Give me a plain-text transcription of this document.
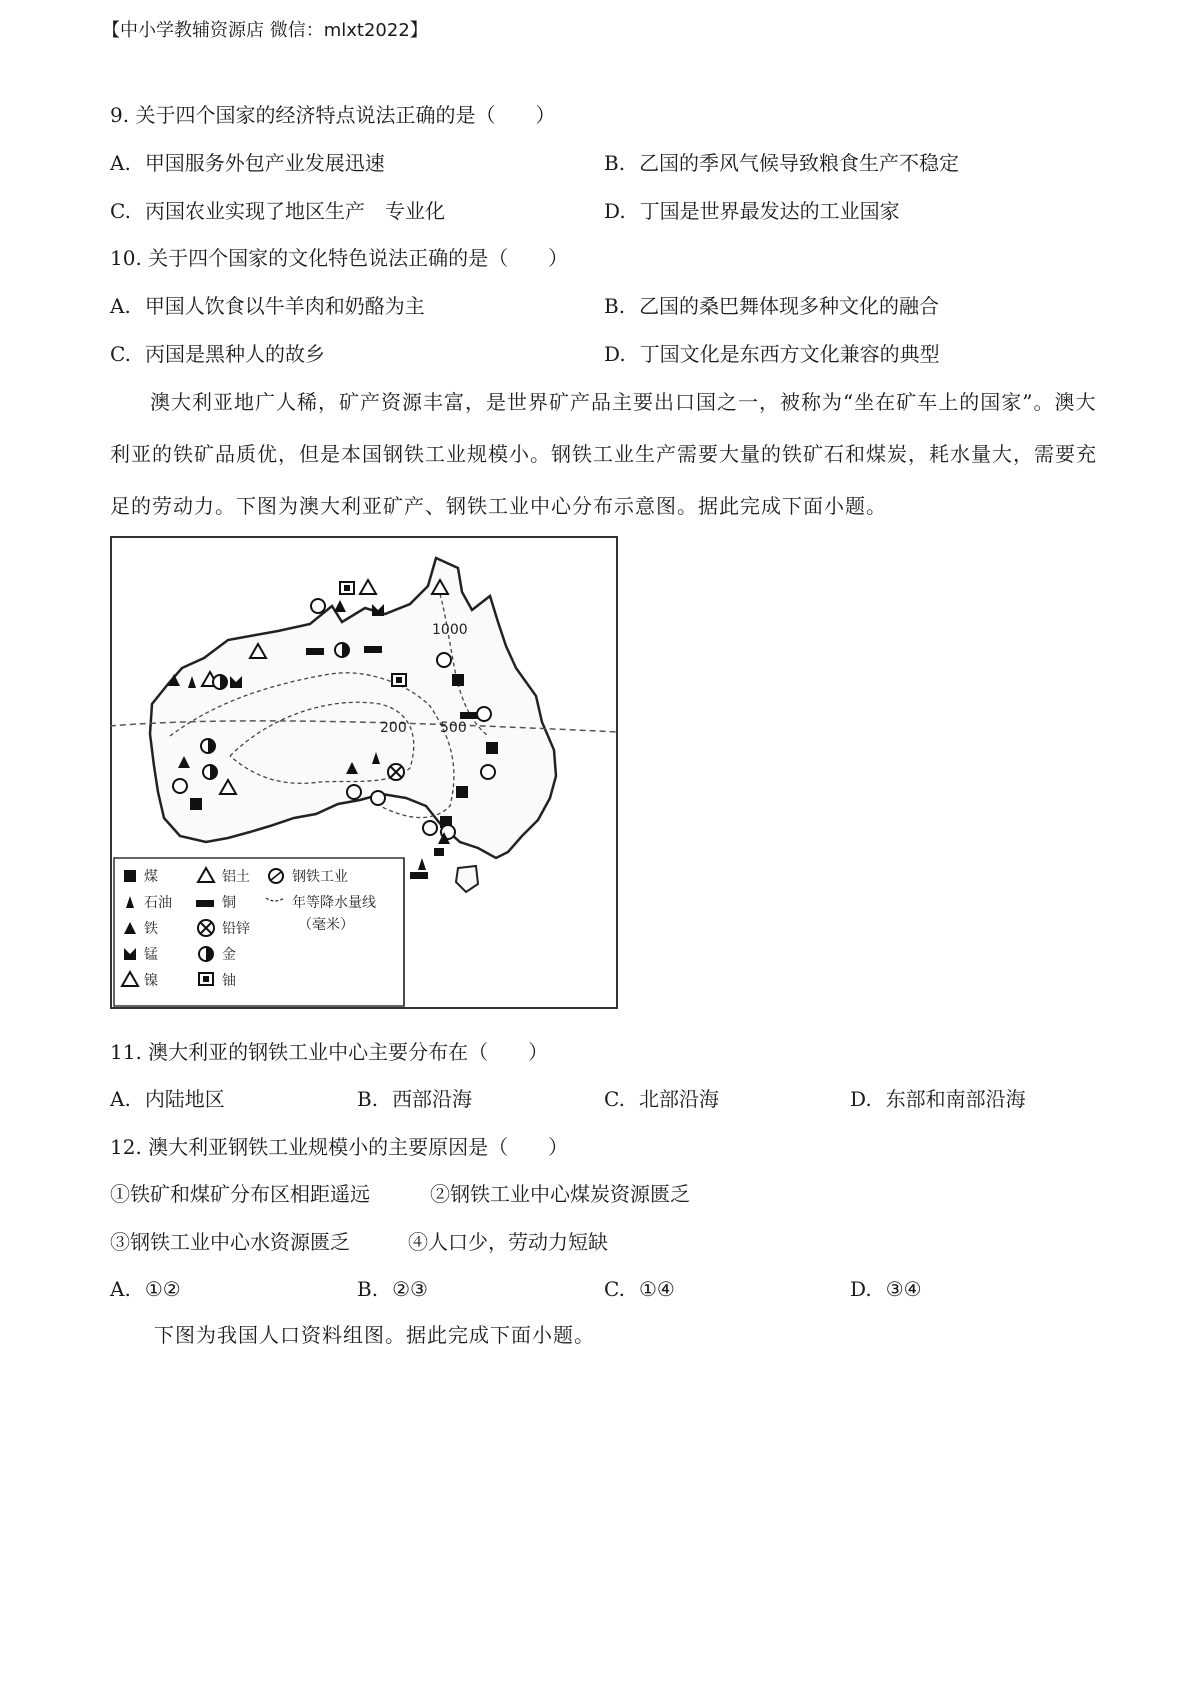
【中小学教辅资源店 微信：mlxt2022】
9. 关于四个国家的经济特点说法正确的是（　　）
A. 甲国服务外包产业发展迅速	B. 乙国的季风气候导致粮食生产不稳定
C. 丙国农业实现了地区生产　专业化	D. 丁国是世界最发达的工业国家
10. 关于四个国家的文化特色说法正确的是（　　）
A. 甲国人饮食以牛羊肉和奶酪为主	B. 乙国的桑巴舞体现多种文化的融合
C. 丙国是黑种人的故乡	D. 丁国文化是东西方文化兼容的典型
澳大利亚地广人稀，矿产资源丰富，是世界矿产品主要出口国之一，被称为“坐在矿车上的国家”。澳大利亚的铁矿品质优，但是本国钢铁工业规模小。钢铁工业生产需要大量的铁矿石和煤炭，耗水量大，需要充足的劳动力。下图为澳大利亚矿产、钢铁工业中心分布示意图。据此完成下面小题。
1000
200 500
煤
石油
铁
锰
镍
铝土
铜
铅锌
金
铀
钢铁工业
年等降水量线
（毫米）
11. 澳大利亚的钢铁工业中心主要分布在（　　）
A. 内陆地区	B. 西部沿海	C. 北部沿海	D. 东部和南部沿海
12. 澳大利亚钢铁工业规模小的主要原因是（　　）
①铁矿和煤矿分布区相距遥远	②钢铁工业中心煤炭资源匮乏
③钢铁工业中心水资源匮乏	④人口少，劳动力短缺
A. ①②	B. ②③	C. ①④	D. ③④
下图为我国人口资料组图。据此完成下面小题。
